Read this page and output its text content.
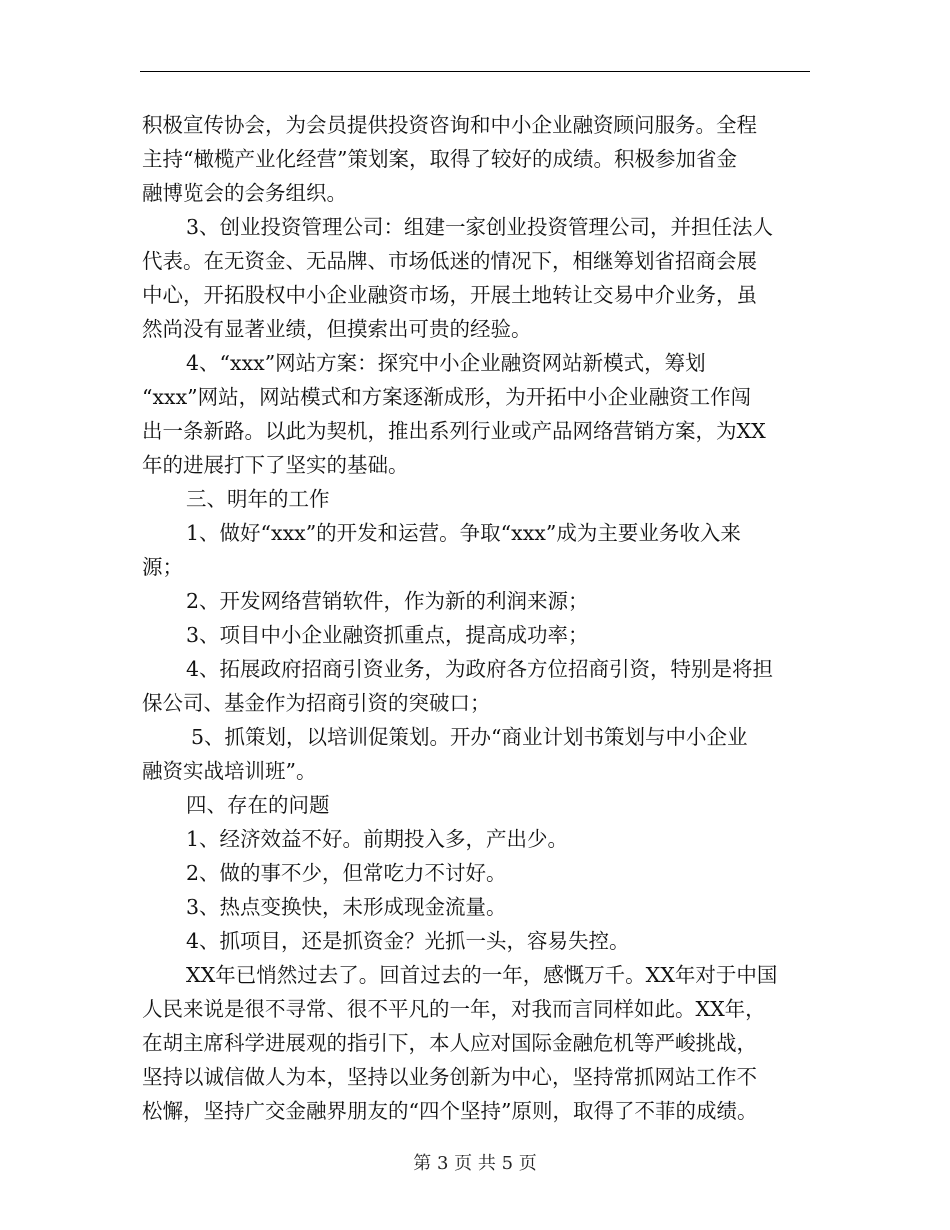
积极宣传协会，为会员提供投资咨询和中小企业融资顾问服务。全程
主持“橄榄产业化经营”策划案，取得了较好的成绩。积极参加省金
融博览会的会务组织。
3、创业投资管理公司：组建一家创业投资管理公司，并担任法人
代表。在无资金、无品牌、市场低迷的情况下，相继筹划省招商会展
中心，开拓股权中小企业融资市场，开展土地转让交易中介业务，虽
然尚没有显著业绩，但摸索出可贵的经验。
4、“xxx”网站方案：探究中小企业融资网站新模式，筹划
“xxx”网站，网站模式和方案逐渐成形，为开拓中小企业融资工作闯
出一条新路。以此为契机，推出系列行业或产品网络营销方案，为XX
年的进展打下了坚实的基础。
三、明年的工作
1、做好“xxx”的开发和运营。争取“xxx”成为主要业务收入来
源；
2、开发网络营销软件，作为新的利润来源；
3、项目中小企业融资抓重点，提高成功率；
4、拓展政府招商引资业务，为政府各方位招商引资，特别是将担
保公司、基金作为招商引资的突破口；
5、抓策划，以培训促策划。开办“商业计划书策划与中小企业
融资实战培训班”。
四、存在的问题
1、经济效益不好。前期投入多，产出少。
2、做的事不少，但常吃力不讨好。
3、热点变换快，未形成现金流量。
4、抓项目，还是抓资金？光抓一头，容易失控。
XX年已悄然过去了。回首过去的一年，感慨万千。XX年对于中国
人民来说是很不寻常、很不平凡的一年，对我而言同样如此。XX年，
在胡主席科学进展观的指引下，本人应对国际金融危机等严峻挑战，
坚持以诚信做人为本，坚持以业务创新为中心，坚持常抓网站工作不
松懈，坚持广交金融界朋友的“四个坚持”原则，取得了不菲的成绩。
第 3 页 共 5 页
